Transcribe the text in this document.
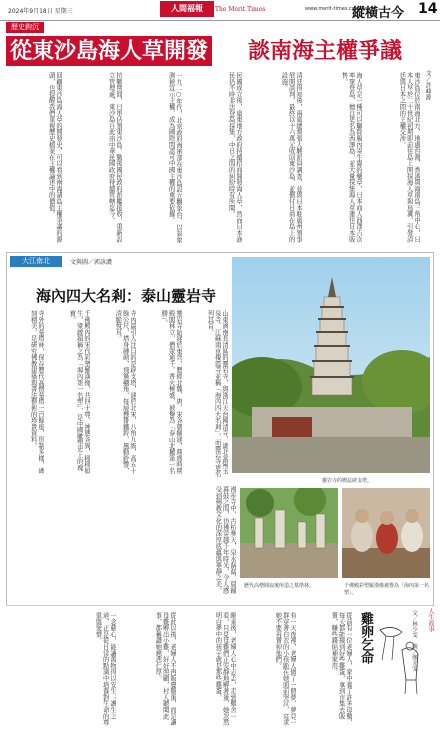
2024年9月18日 星期三	人間福報	The Merit Times	www.merit-times.com.tw
縱橫古今 14
歷史鉤沉
從東沙島海人草開發 談南海主權爭議
文／許峰源
東沙島位於南海北方，地處台灣、香港與海南島三角中心，日本人早於二十世紀初期即前往島上開採海人草與鳥糞，引發清廷與日本之間的主權交涉。
海人草是一種可以驅除腸內寄生蟲的藥草，日本商人西澤吉次率眾登島，擅自更名為西澤島，並大量採集海人草運往日本販售。
清廷得知後，兩廣總督張人駿派員調查，並與日本駐廣州領事展開談判，最終以十六萬元收回東沙島，並償付日商在島上的設施。
民國成立後，廣東地方政府持續招商開發海人草，然而日本漁民仍不時非法登島採集，中日之間的糾紛時有所聞。
一九二○年代，北京政府海軍部在東沙島設立觀象台，以氣象測候宣示主權，成為國際間認可中國主權的重要依據。
抗戰期間，日軍佔領東沙島。戰後國民政府派艦接收，重新設立管理處，東沙島自此由中華民國政府持續管轄迄今。
回顧東沙島海人草的開發史，可以看到南海諸島主權爭議的源頭，也提醒我們重視歷史檔案在主權論述中的價值。
大江南北	文與圖／郭詠濃
海內四大名剎：泰山靈岩寺
山東濟南長清區的靈岩寺，與浙江天台國清寺、湖北當陽玉泉寺、江蘇南京棲霞寺並稱「海內四大名剎」，而靈岩寺更名列其首。
靈岩寺始建於東晉，歷經北魏、唐、宋各朝擴建，鼎盛時期殿閣林立，僧眾逾千，香火極盛，被譽為「泰山北麓第一名勝」。
寺內最引人注目的是辟支塔，建於北宋，八角九級，高五十餘公尺，塔身磚砌，飛簷翹角，每層懸掛鐵鈴，風動鈴響，清脆悅耳。
千佛殿內的宋代彩塑羅漢像，共四十尊，神態各異，栩栩如生，梁啟超稱之為「海內第一名塑」，是中國雕塑史上的瑰寶。
寺外的墓塔林，保存歷代高僧墓塔一百餘座，形制多樣，碑刻精美，是研究佛教建築與書法藝術的珍貴資料。
漫步寺中，古柏參天，泉水潺潺，晨鐘暮鼓之間，彷彿穿越千年時光，令人感受到佛教文化的深厚底蘊與寧靜之美。
靈岩寺的標誌辟支塔。
歷代高僧圓寂後所造之墓塔林。	千佛殿彩塑羅漢像被譽為「海內第一名塑」。
人生故事
文／林少雯 圖／鄭介雯
雞卵乞命
從前有一位老婦人，家中養了許多母雞，每天都能撿到好些雞蛋，拿到市集去販賣，賺些錢貼補家用。
有一天夜裡，老婦人做了一個夢，夢見一群穿著白衣的小孩跪在她面前哭泣，哀求她不要再賣掉他們。
醒來後，老婦人心中忐忑，走到雞舍一看，只見母雞們正安靜地孵著蛋，她忽然明白夢中的孩子就是那些雞蛋。
從此以後，老婦人不再販賣雞蛋，而是讓母雞孵出小雞，好好照顧，村人聽聞此事，都稱讚她慈悲仁厚。
一念慈心，能讓萬物得以安生；護生之道，正是從日常的點滴中培養對生命的尊重與愛惜。
